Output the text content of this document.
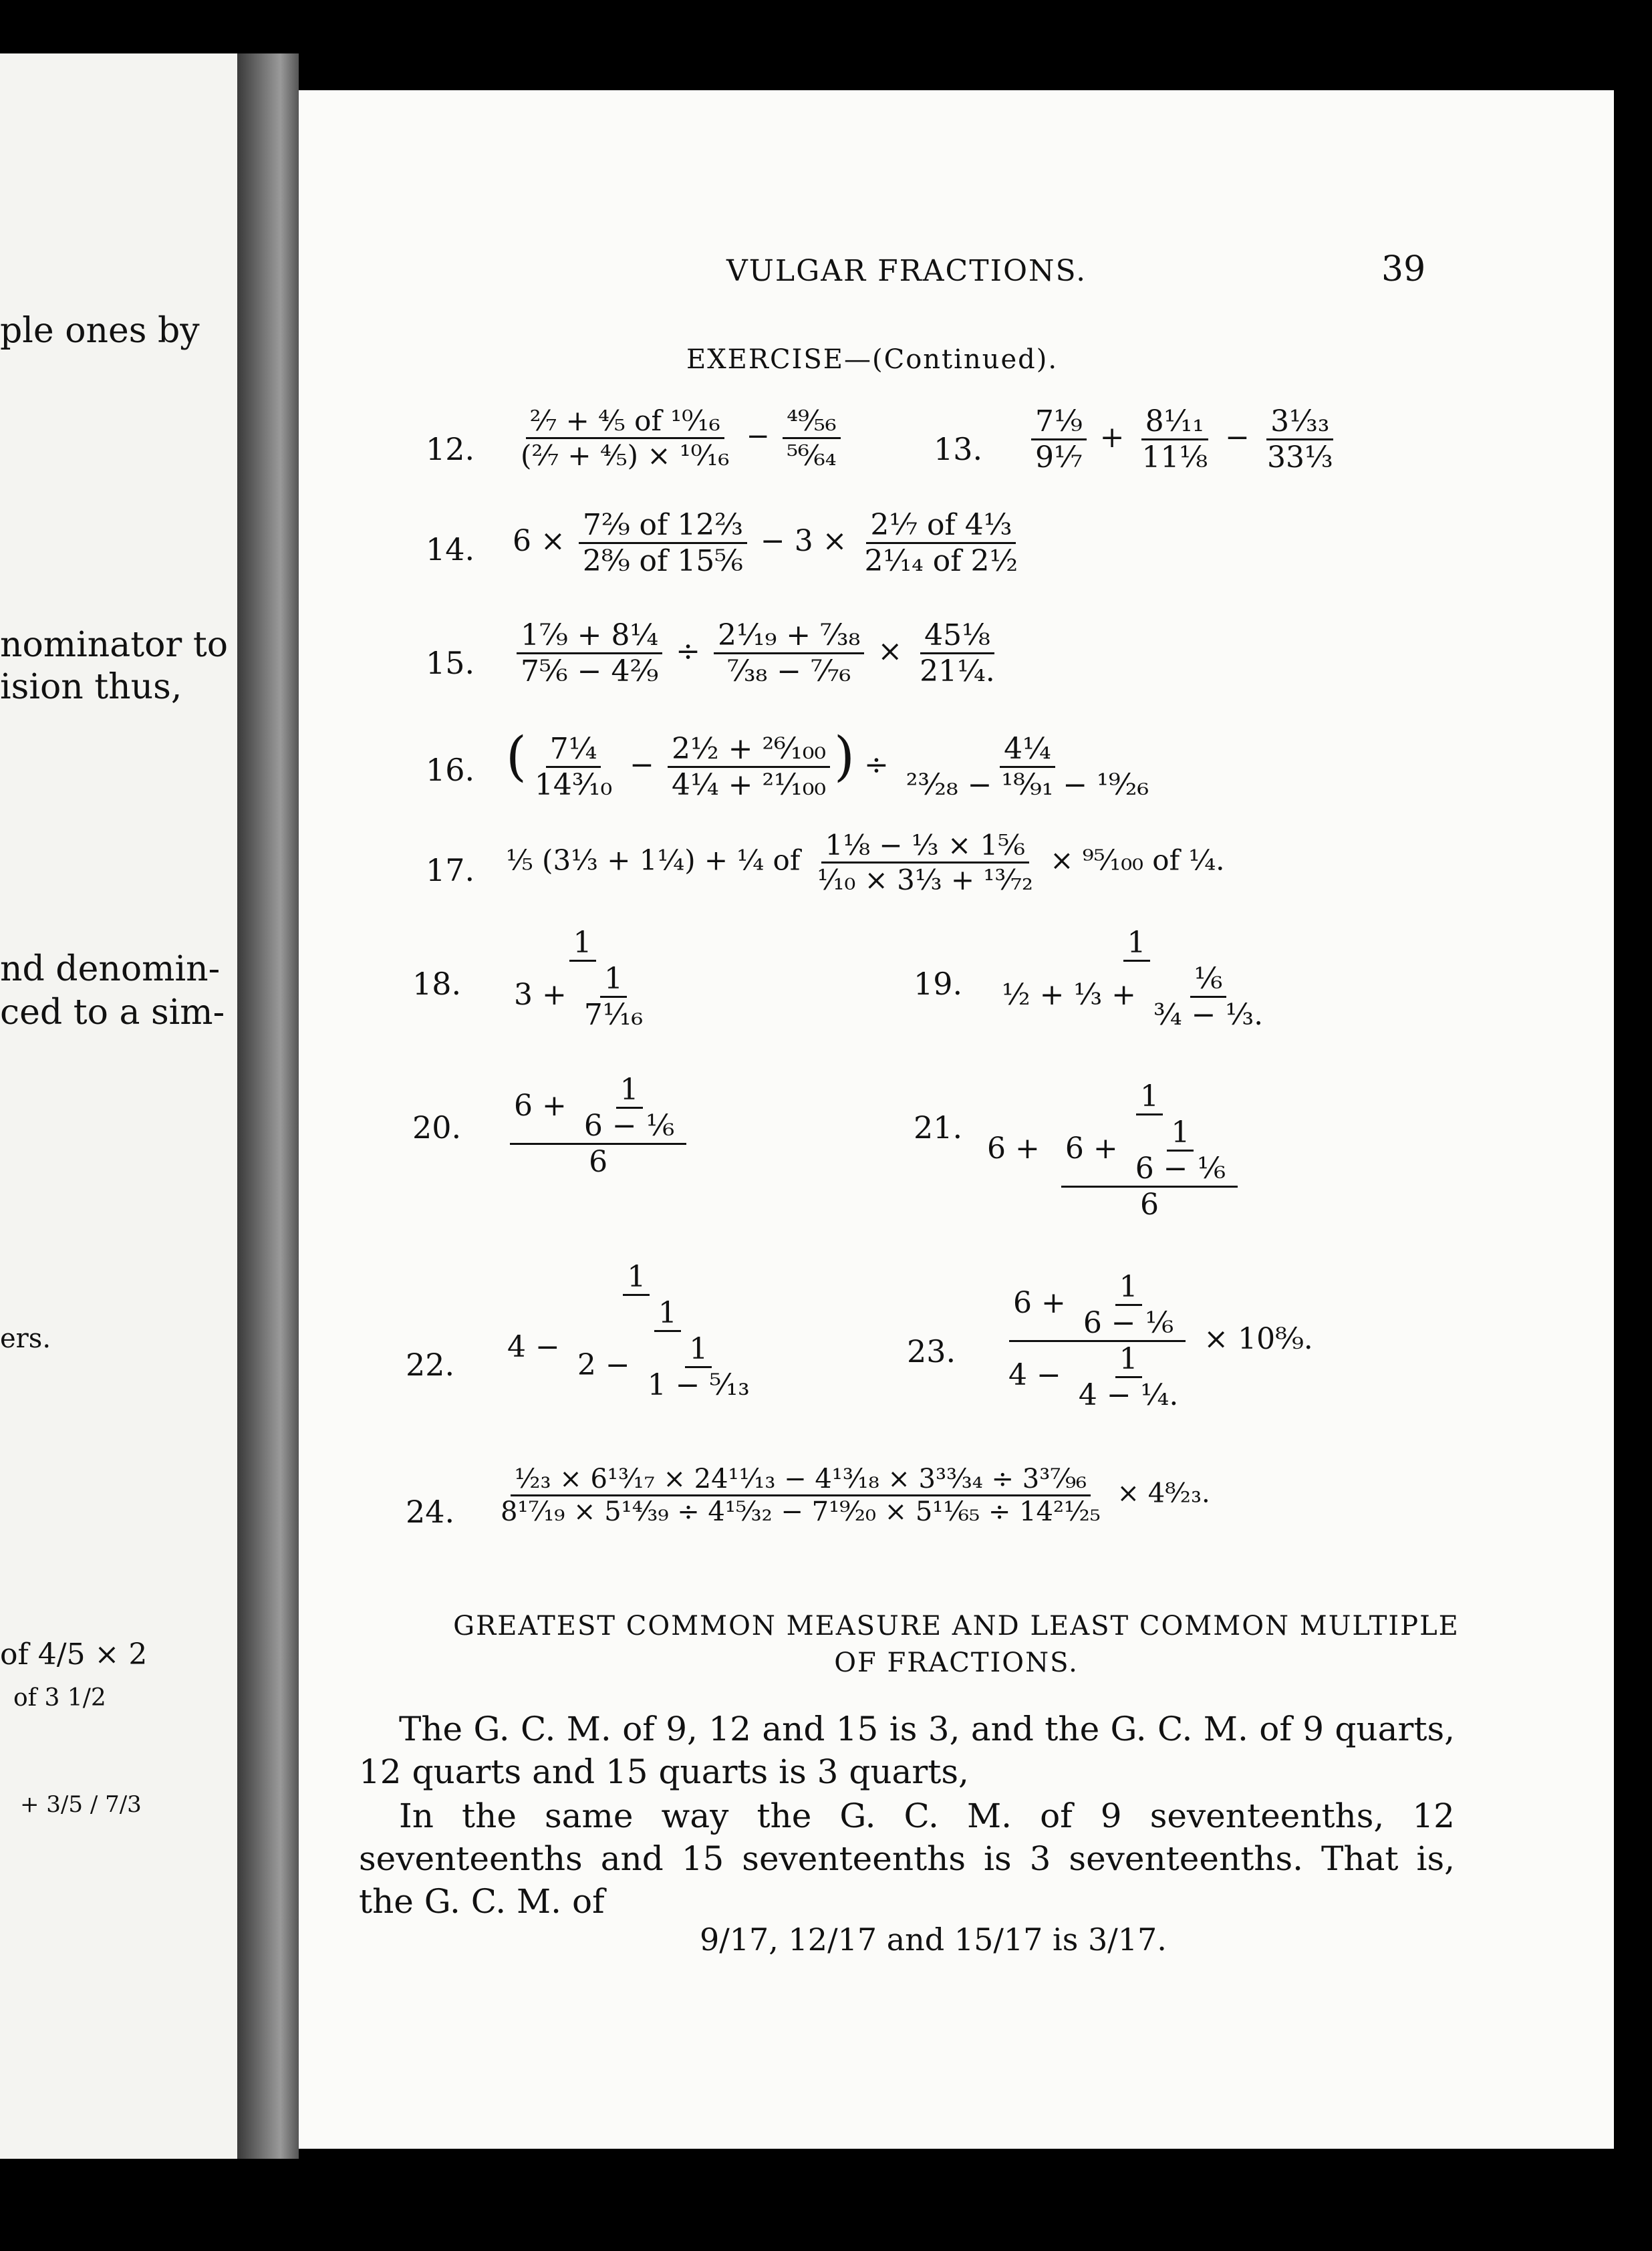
ple ones by
nominator to
ision thus,
nd denomin-
ced to a sim-
ers.
of 4/5 × 2
of 3 1/2
+ 3/5 / 7/3
VULGAR FRACTIONS.	39
EXERCISE—(Continued).
12. $\frac{\text{²⁄₇ + ⁴⁄₅ of ¹⁰⁄₁₆}}{\text{(²⁄₇ + ⁴⁄₅) × ¹⁰⁄₁₆}} - \frac{\text{⁴⁹⁄₅₆}}{\text{⁵⁶⁄₆₄}}$	13. $\frac{\text{7⅑}}{\text{9⅐}} + \frac{\text{8¹⁄₁₁}}{\text{11⅛}} - \frac{\text{3¹⁄₃₃}}{\text{33⅓}}$
14. $6 \times \frac{\text{7²⁄₉ of 12⅔}}{\text{2⁸⁄₉ of 15⅚}} - 3 \times \frac{\text{2⅐ of 4⅓}}{\text{2¹⁄₁₄ of 2½}}$
15. $\frac{\text{1⁷⁄₉ + 8¼}}{\text{7⅚ − 4²⁄₉}} \div \frac{\text{2¹⁄₁₉ + ⁷⁄₃₈}}{\text{⁷⁄₃₈ − ⁷⁄₇₆}} \times \frac{\text{45⅛}}{\text{21¼.}}$
16. ( $\frac{\text{7¼}}{\text{14³⁄₁₀}} - \frac{\text{2½ + ²⁶⁄₁₀₀}}{\text{4¼ + ²¹⁄₁₀₀}}$ ) ÷ $\frac{\text{4¼}}{\text{²³⁄₂₈ − ¹⁸⁄₉₁ − ¹⁹⁄₂₆}}$
17. ⅕ (3⅓ + 1¼) + ¼ of $\frac{\text{1⅛ − ⅓ × 1⅚}}{\text{⅒ × 3⅓ + ¹³⁄₇₂}}$ × ⁹⁵⁄₁₀₀ of ¼.
18. $\frac{1}{3 + \frac{1}{\text{7¹⁄₁₆}}}$	19. $\frac{1}{\frac{1}{2} + \frac{1}{3} + \frac{\text{⅙}}{\text{¾ − ⅓.}}}$
20. $\frac{6 + \frac{1}{\text{6 − ⅙}}}{6}$	21.
$6 + \frac{1}{\frac{6 + \frac{1}{\text{6 − ⅙}}}{6}}$
22. $\frac{1}{4 - \frac{1}{2 - \frac{1}{\text{1 − ⁵⁄₁₃}}}}$	23. $\frac{6 + \frac{1}{\text{6 − ⅙}}}{4 - \frac{1}{\text{4 − ¼.}}}$ × 10⁸⁄₉.
24. $\frac{\text{¹⁄₂₃ × 6¹³⁄₁₇ × 24¹¹⁄₁₃ − 4¹³⁄₁₈ × 3³³⁄₃₄ ÷ 3³⁷⁄₉₆}}{\text{8¹⁷⁄₁₉ × 5¹⁴⁄₃₉ ÷ 4¹⁵⁄₃₂ − 7¹⁹⁄₂₀ × 5¹¹⁄₆₅ ÷ 14²¹⁄₂₅}}$ × 4⁸⁄₂₃.
GREATEST COMMON MEASURE AND LEAST COMMON MULTIPLE
OF FRACTIONS.
The G. C. M. of 9, 12 and 15 is 3, and the G. C. M. of 9 quarts, 12 quarts and 15 quarts is 3 quarts,
In the same way the G. C. M. of 9 seventeenths, 12 seventeenths and 15 seventeenths is 3 seventeenths. That is, the G. C. M. of
9/17, 12/17 and 15/17 is 3/17.
